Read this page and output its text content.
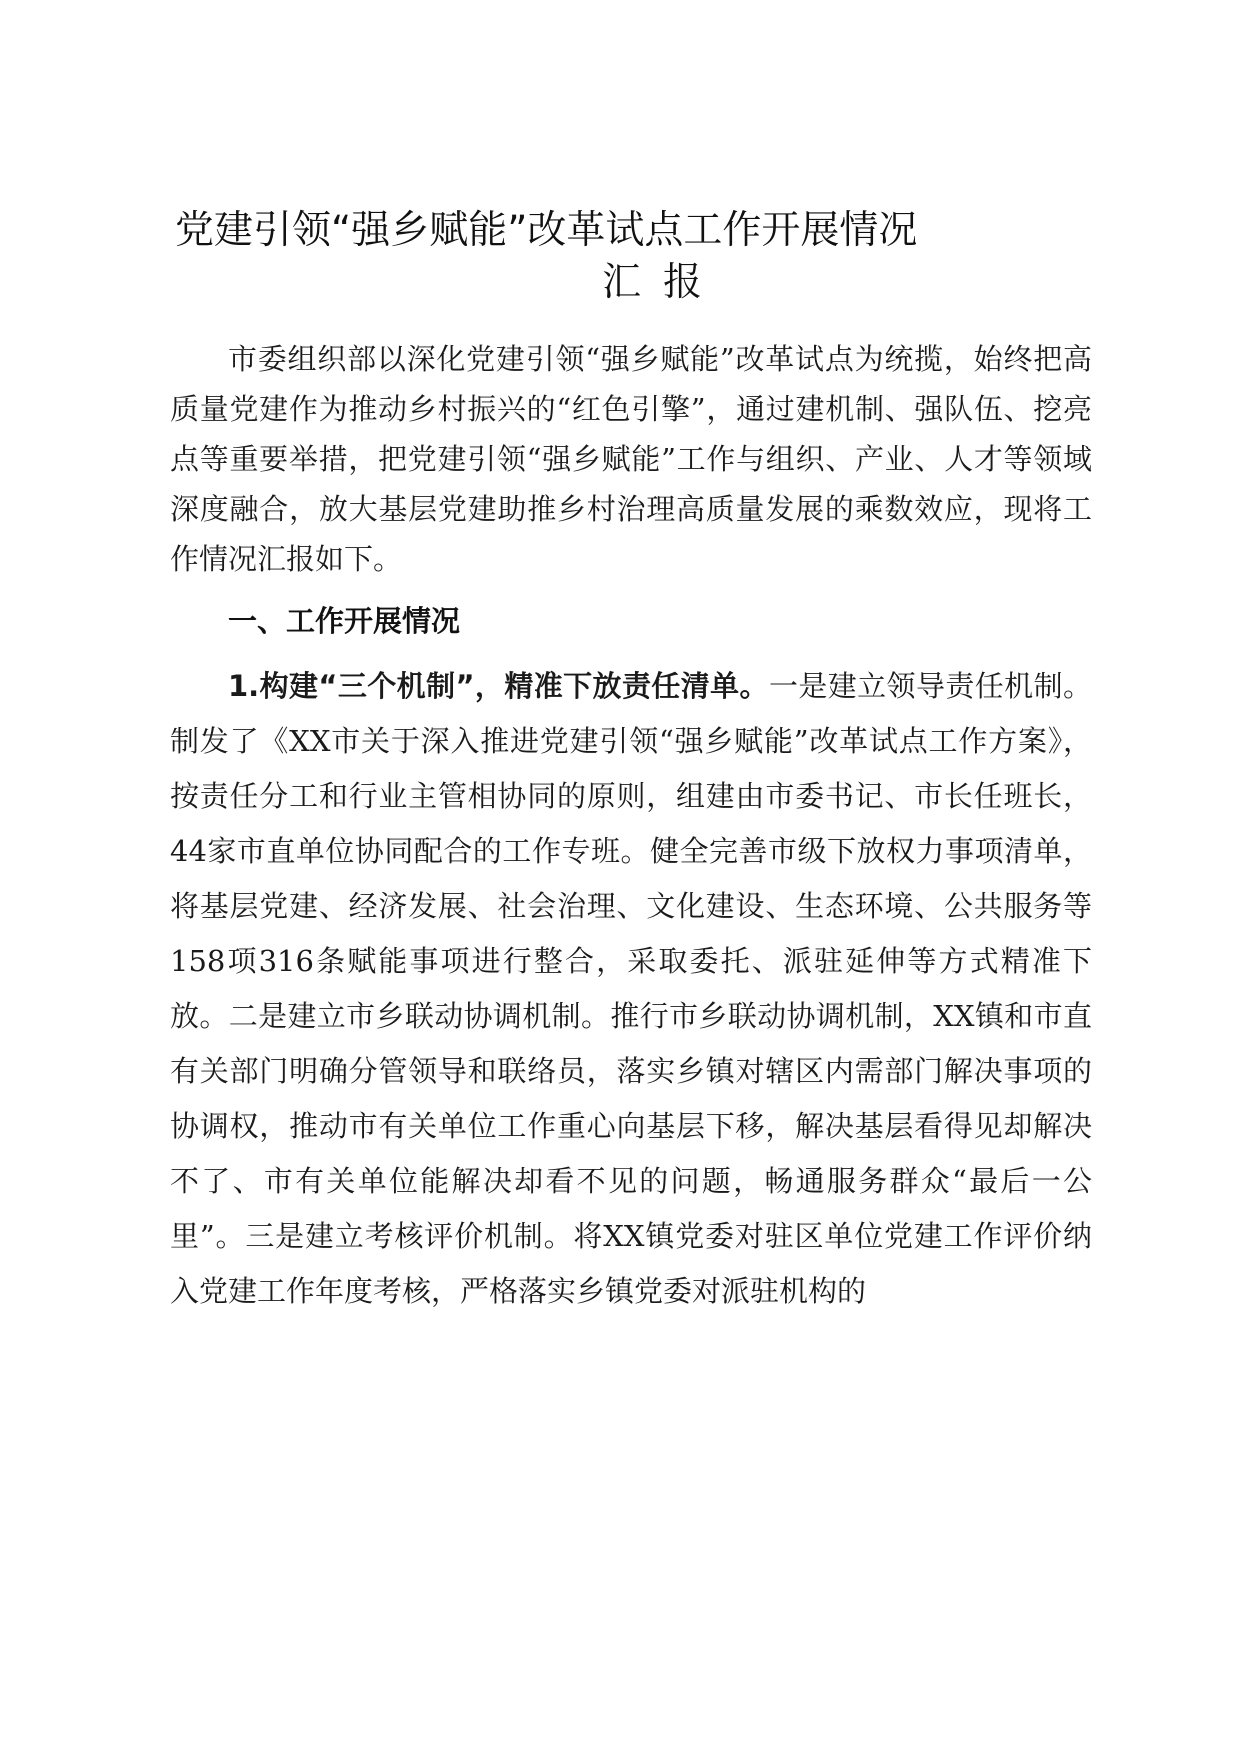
党建引领“强乡赋能”改革试点工作开展情况
汇报

市委组织部以深化党建引领“强乡赋能”改革试点为统揽，始终把高质量党建作为推动乡村振兴的“红色引擎”，通过建机制、强队伍、挖亮点等重要举措，把党建引领“强乡赋能”工作与组织、产业、人才等领域深度融合，放大基层党建助推乡村治理高质量发展的乘数效应，现将工作情况汇报如下。

一、工作开展情况

1.构建“三个机制”，精准下放责任清单。一是建立领导责任机制。制发了《XX市关于深入推进党建引领“强乡赋能”改革试点工作方案》，按责任分工和行业主管相协同的原则，组建由市委书记、市长任班长，44家市直单位协同配合的工作专班。健全完善市级下放权力事项清单，将基层党建、经济发展、社会治理、文化建设、生态环境、公共服务等158项316条赋能事项进行整合，采取委托、派驻延伸等方式精准下放。二是建立市乡联动协调机制。推行市乡联动协调机制，XX镇和市直有关部门明确分管领导和联络员，落实乡镇对辖区内需部门解决事项的协调权，推动市有关单位工作重心向基层下移，解决基层看得见却解决不了、市有关单位能解决却看不见的问题，畅通服务群众“最后一公里”。三是建立考核评价机制。将XX镇党委对驻区单位党建工作评价纳入党建工作年度考核，严格落实乡镇党委对派驻机构的
